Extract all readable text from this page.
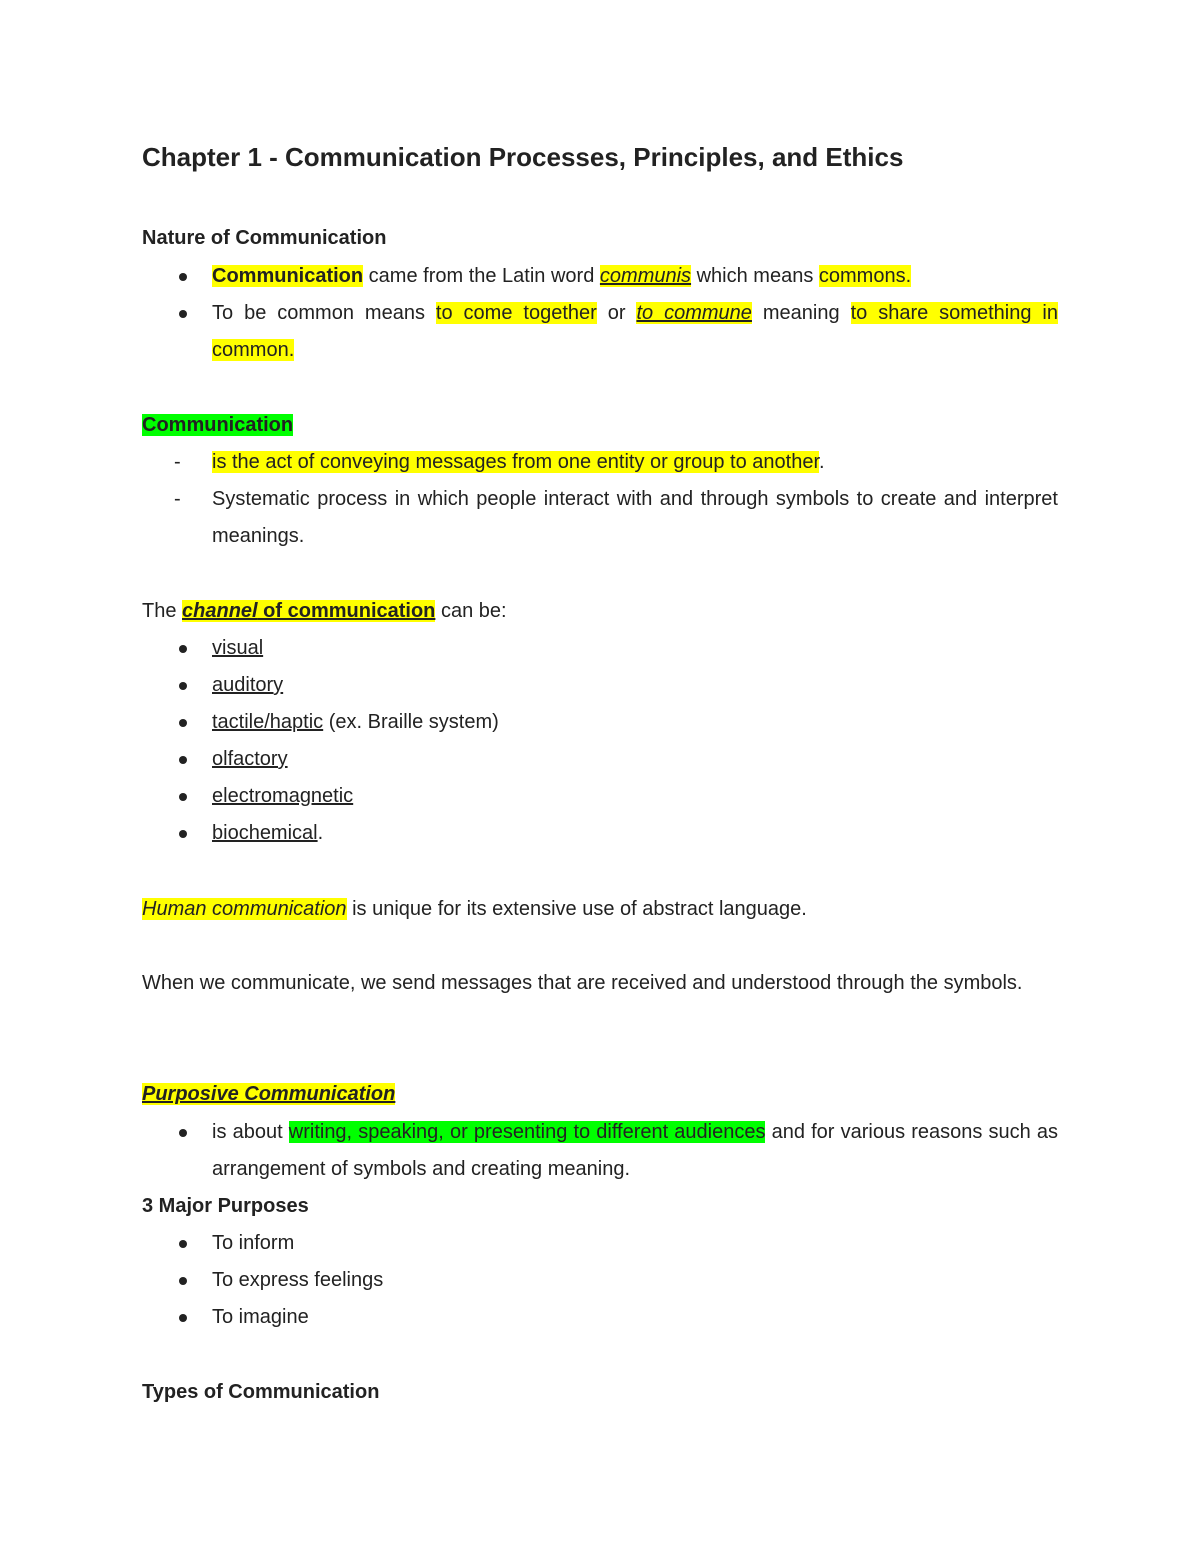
Chapter 1 - Communication Processes, Principles, and Ethics
Nature of Communication
Communication came from the Latin word communis which means commons.
To be common means to come together or to commune meaning to share something in common.
Communication
- is the act of conveying messages from one entity or group to another.
- Systematic process in which people interact with and through symbols to create and interpret meanings.
The channel of communication can be:
visual
auditory
tactile/haptic (ex. Braille system)
olfactory
electromagnetic
biochemical.
Human communication is unique for its extensive use of abstract language.
When we communicate, we send messages that are received and understood through the symbols.
Purposive Communication
is about writing, speaking, or presenting to different audiences and for various reasons such as arrangement of symbols and creating meaning.
3 Major Purposes
To inform
To express feelings
To imagine
Types of Communication
